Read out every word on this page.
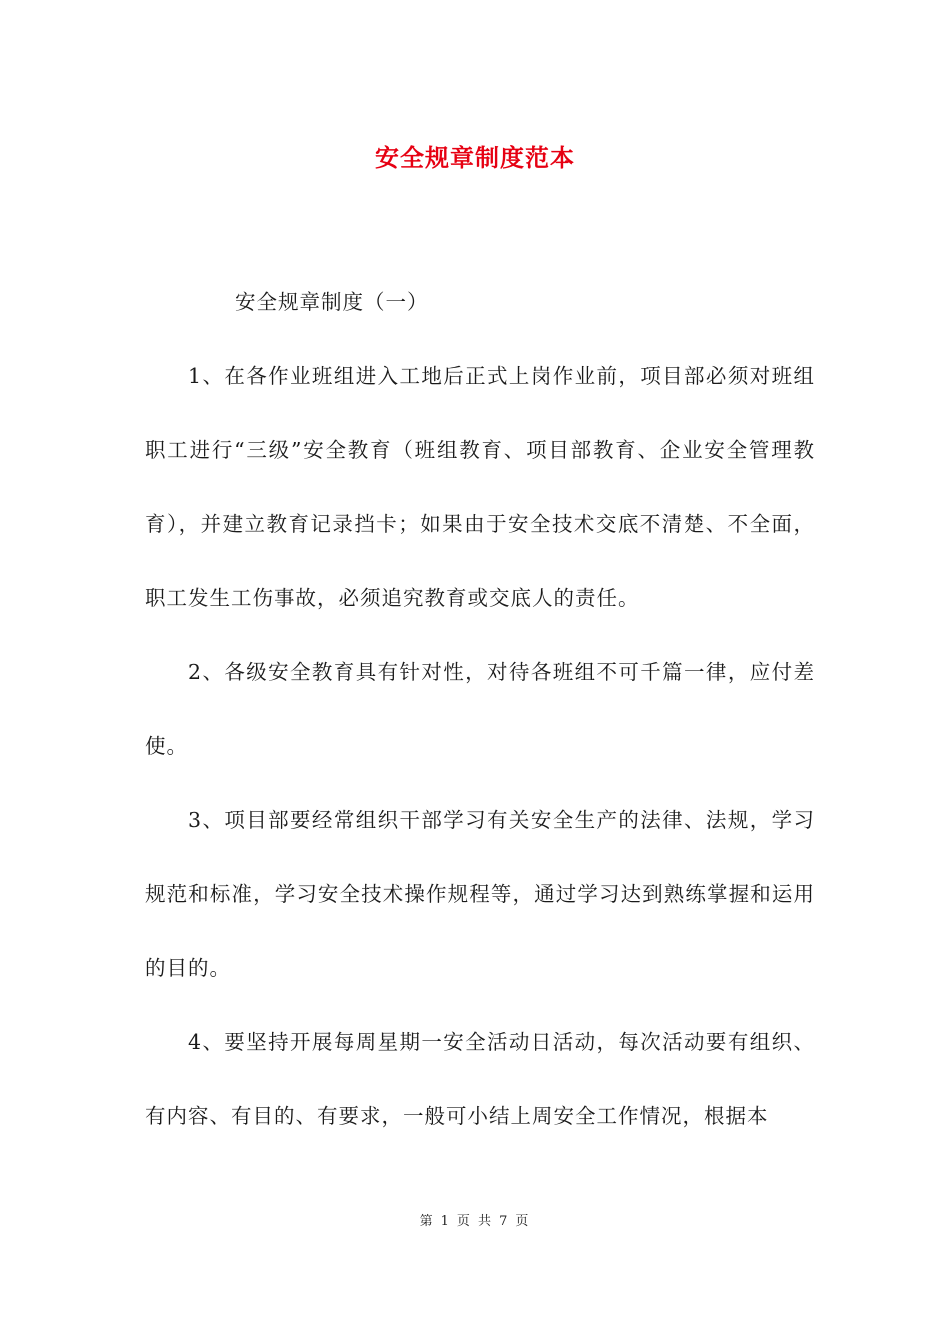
安全规章制度范本

安全规章制度（一）

1、在各作业班组进入工地后正式上岗作业前，项目部必须对班组职工进行“三级”安全教育（班组教育、项目部教育、企业安全管理教育），并建立教育记录挡卡；如果由于安全技术交底不清楚、不全面，职工发生工伤事故，必须追究教育或交底人的责任。

2、各级安全教育具有针对性，对待各班组不可千篇一律，应付差使。

3、项目部要经常组织干部学习有关安全生产的法律、法规，学习规范和标准，学习安全技术操作规程等，通过学习达到熟练掌握和运用的目的。

4、要坚持开展每周星期一安全活动日活动，每次活动要有组织、有内容、有目的、有要求，一般可小结上周安全工作情况，根据本

第 1 页 共 7 页
